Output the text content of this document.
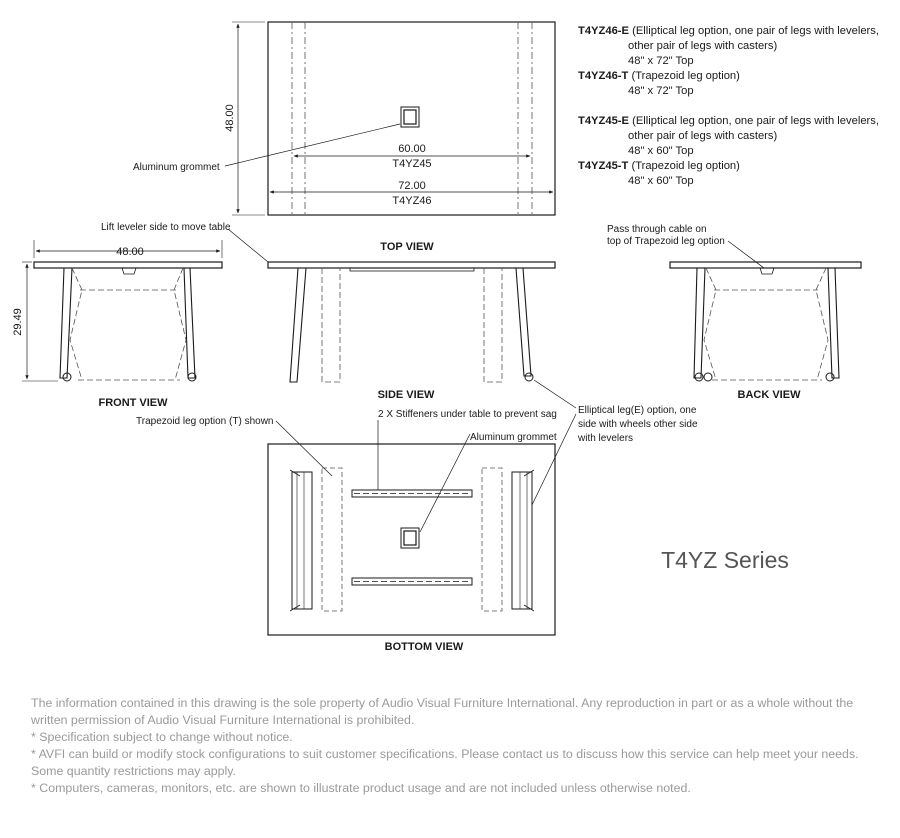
48.00
60.00
T4YZ45
72.00
T4YZ46
Aluminum grommet
TOP VIEW
48.00
29.49
FRONT VIEW
Lift leveler side to move table
SIDE VIEW
Pass through cable on
top of Trapezoid leg option
BACK VIEW
Trapezoid leg option (T) shown
2 X Stiffeners under table to prevent sag
Aluminum grommet
Elliptical leg(E) option, one
side with wheels other side
with levelers
BOTTOM VIEW
T4YZ Series
T4YZ46-E (Elliptical leg option, one pair of legs with levelers,
other pair of legs with casters)
48" x 72" Top
T4YZ46-T (Trapezoid leg option)
48" x 72" Top
T4YZ45-E (Elliptical leg option, one pair of legs with levelers,
other pair of legs with casters)
48" x 60" Top
T4YZ45-T (Trapezoid leg option)
48" x 60" Top

The information contained in this drawing is the sole property of Audio Visual Furniture International. Any reproduction in part or as a whole without the written permission of Audio Visual Furniture International is prohibited.

* Specification subject to change without notice.

* AVFI can build or modify stock configurations to suit customer specifications. Please contact us to discuss how this service can help meet your needs. Some quantity restrictions may apply.

* Computers, cameras, monitors, etc. are shown to illustrate product usage and are not included unless otherwise noted.
